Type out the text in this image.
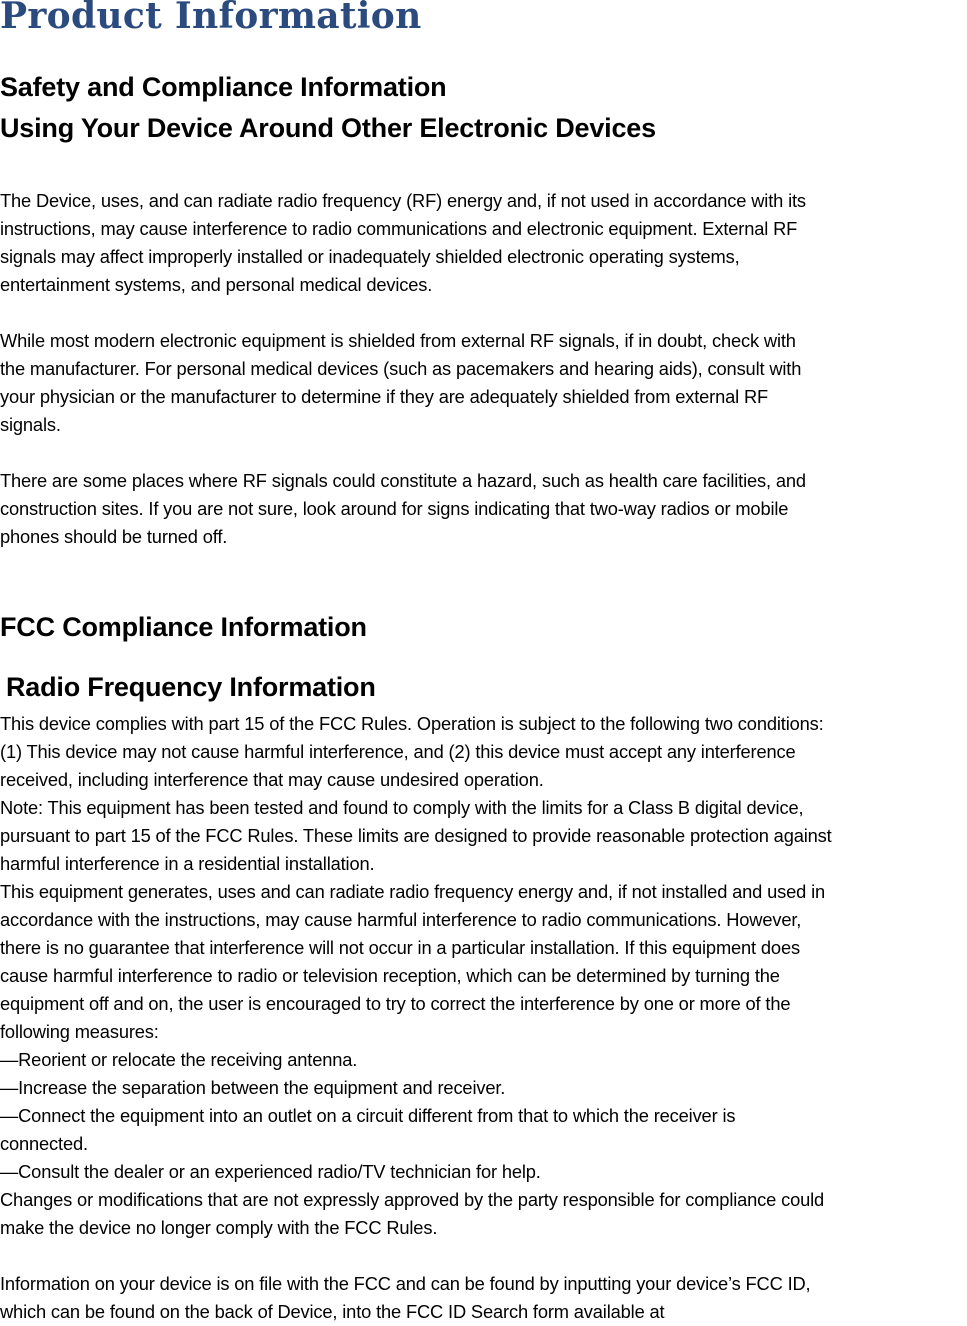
Product Information
Safety and Compliance Information
Using Your Device Around Other Electronic Devices
The Device, uses, and can radiate radio frequency (RF) energy and, if not used in accordance with its
instructions, may cause interference to radio communications and electronic equipment. External RF
signals may affect improperly installed or inadequately shielded electronic operating systems,
entertainment systems, and personal medical devices.
While most modern electronic equipment is shielded from external RF signals, if in doubt, check with
the manufacturer. For personal medical devices (such as pacemakers and hearing aids), consult with
your physician or the manufacturer to determine if they are adequately shielded from external RF
signals.
There are some places where RF signals could constitute a hazard, such as health care facilities, and
construction sites. If you are not sure, look around for signs indicating that two-way radios or mobile
phones should be turned off.
FCC Compliance Information
Radio Frequency Information
This device complies with part 15 of the FCC Rules. Operation is subject to the following two conditions:
(1) This device may not cause harmful interference, and (2) this device must accept any interference
received, including interference that may cause undesired operation.
Note: This equipment has been tested and found to comply with the limits for a Class B digital device,
pursuant to part 15 of the FCC Rules. These limits are designed to provide reasonable protection against
harmful interference in a residential installation.
This equipment generates, uses and can radiate radio frequency energy and, if not installed and used in
accordance with the instructions, may cause harmful interference to radio communications. However,
there is no guarantee that interference will not occur in a particular installation. If this equipment does
cause harmful interference to radio or television reception, which can be determined by turning the
equipment off and on, the user is encouraged to try to correct the interference by one or more of the
following measures:
—Reorient or relocate the receiving antenna.
—Increase the separation between the equipment and receiver.
—Connect the equipment into an outlet on a circuit different from that to which the receiver is
connected.
—Consult the dealer or an experienced radio/TV technician for help.
Changes or modifications that are not expressly approved by the party responsible for compliance could
make the device no longer comply with the FCC Rules.
Information on your device is on file with the FCC and can be found by inputting your device’s FCC ID,
which can be found on the back of Device, into the FCC ID Search form available at
